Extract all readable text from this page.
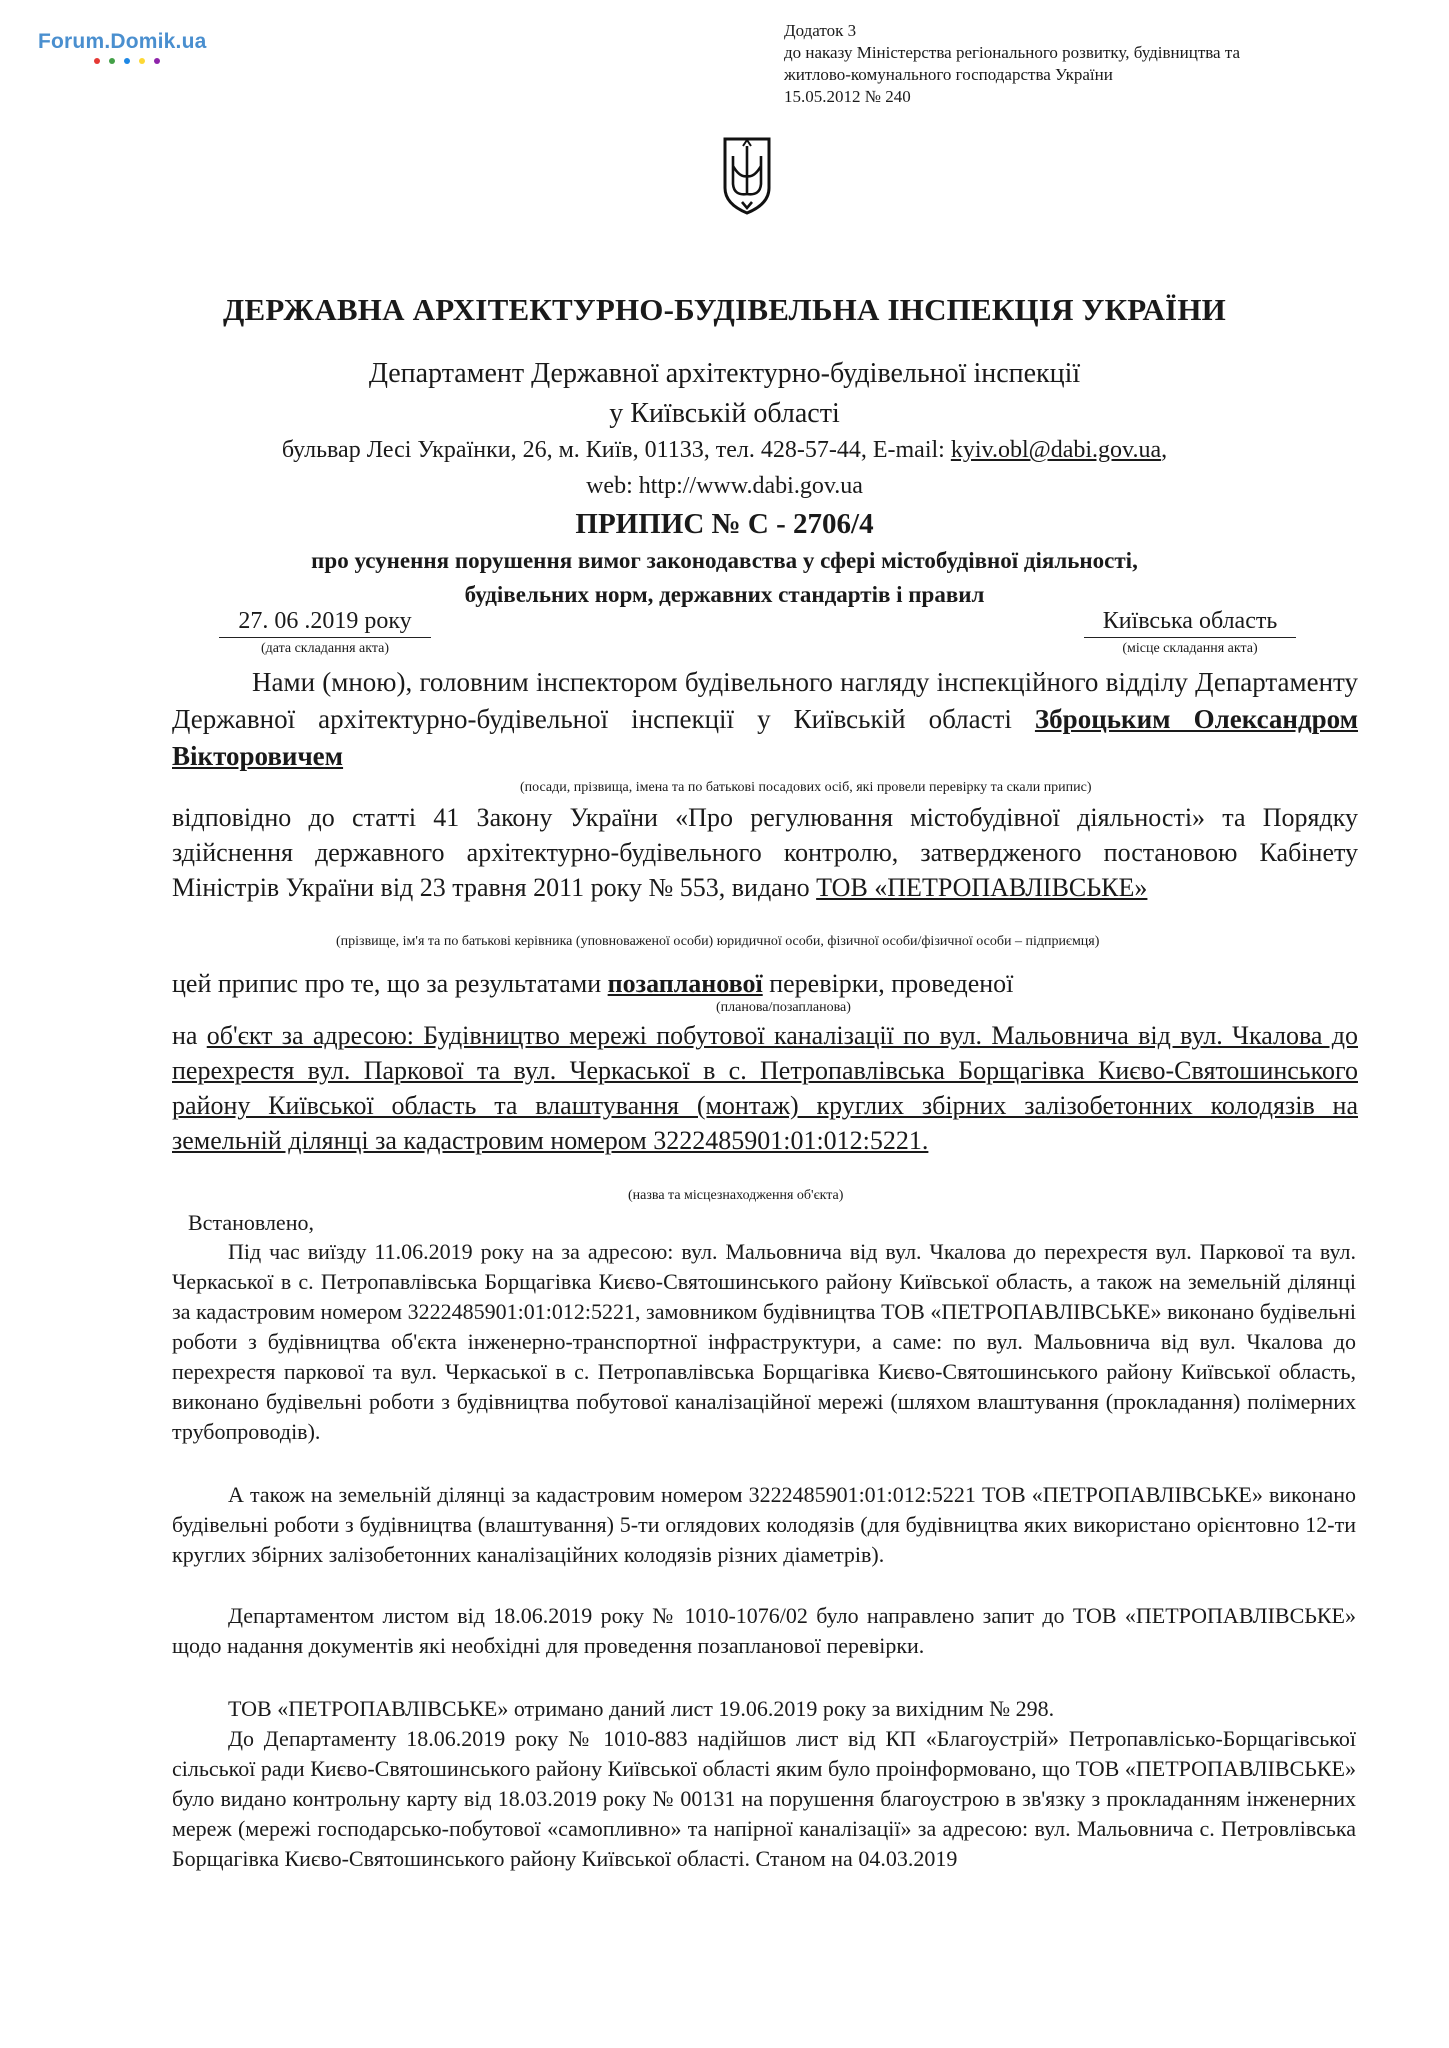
Forum.Domik.ua	Додаток 3
до наказу Міністерства регіонального розвитку, будівництва та
житлово-комунального господарства України
15.05.2012 № 240
ДЕРЖАВНА АРХІТЕКТУРНО-БУДІВЕЛЬНА ІНСПЕКЦІЯ УКРАЇНИ
Департамент Державної архітектурно-будівельної інспекції
у Київській області
бульвар Лесі Українки, 26, м. Київ, 01133, тел. 428-57-44, E-mail: kyiv.obl@dabi.gov.ua,
web: http://www.dabi.gov.ua
ПРИПИС № С - 2706/4
про усунення порушення вимог законодавства у сфері містобудівної діяльності,
будівельних норм, державних стандартів і правил
27. 06 .2019 року
(дата складання акта)
Київська область
(місце складання акта)
Нами (мною), головним інспектором будівельного нагляду інспекційного відділу Департаменту Державної архітектурно-будівельної інспекції у Київській області Зброцьким Олександром Вікторовичем
(посади, прізвища, імена та по батькові посадових осіб, які провели перевірку та скали припис)
відповідно до статті 41 Закону України «Про регулювання містобудівної діяльності» та Порядку здійснення державного архітектурно-будівельного контролю, затвердженого постановою Кабінету Міністрів України від 23 травня 2011 року № 553, видано ТОВ «ПЕТРОПАВЛІВСЬКЕ»
(прізвище, ім'я та по батькові керівника (уповноваженої особи) юридичної особи, фізичної особи/фізичної особи – підприємця)
цей припис про те, що за результатами позапланової перевірки, проведеної
(планова/позапланова)
на об'єкт за адресою: Будівництво мережі побутової каналізації по вул. Мальовнича від вул. Чкалова до перехрестя вул. Паркової та вул. Черкаської в с. Петропавлівська Борщагівка Києво-Святошинського району Київської область та влаштування (монтаж) круглих збірних залізобетонних колодязів на земельній ділянці за кадастровим номером 3222485901:01:012:5221.
(назва та місцезнаходження об'єкта)
Встановлено,
Під час виїзду 11.06.2019 року на за адресою: вул. Мальовнича від вул. Чкалова до перехрестя вул. Паркової та вул. Черкаської в с. Петропавлівська Борщагівка Києво-Святошинського району Київської область, а також на земельній ділянці за кадастровим номером 3222485901:01:012:5221, замовником будівництва ТОВ «ПЕТРОПАВЛІВСЬКЕ» виконано будівельні роботи з будівництва об'єкта інженерно-транспортної інфраструктури, а саме: по вул. Мальовнича від вул. Чкалова до перехрестя паркової та вул. Черкаської в с. Петропавлівська Борщагівка Києво-Святошинського району Київської область, виконано будівельні роботи з будівництва побутової каналізаційної мережі (шляхом влаштування (прокладання) полімерних трубопроводів).
А також на земельній ділянці за кадастровим номером 3222485901:01:012:5221 ТОВ «ПЕТРОПАВЛІВСЬКЕ» виконано будівельні роботи з будівництва (влаштування) 5-ти оглядових колодязів (для будівництва яких використано орієнтовно 12-ти круглих збірних залізобетонних каналізаційних колодязів різних діаметрів).
Департаментом листом від 18.06.2019 року № 1010-1076/02 було направлено запит до ТОВ «ПЕТРОПАВЛІВСЬКЕ» щодо надання документів які необхідні для проведення позапланової перевірки.
ТОВ «ПЕТРОПАВЛІВСЬКЕ» отримано даний лист 19.06.2019 року за вихідним № 298.
До Департаменту 18.06.2019 року № 1010-883 надійшов лист від КП «Благоустрій» Петропавлісько-Борщагівської сільської ради Києво-Святошинського району Київської області яким було проінформовано, що ТОВ «ПЕТРОПАВЛІВСЬКЕ» було видано контрольну карту від 18.03.2019 року № 00131 на порушення благоустрою в зв'язку з прокладанням інженерних мереж (мережі господарсько-побутової «самопливно» та напірної каналізації» за адресою: вул. Мальовнича с. Петровлівська Борщагівка Києво-Святошинського району Київської області. Станом на 04.03.2019
